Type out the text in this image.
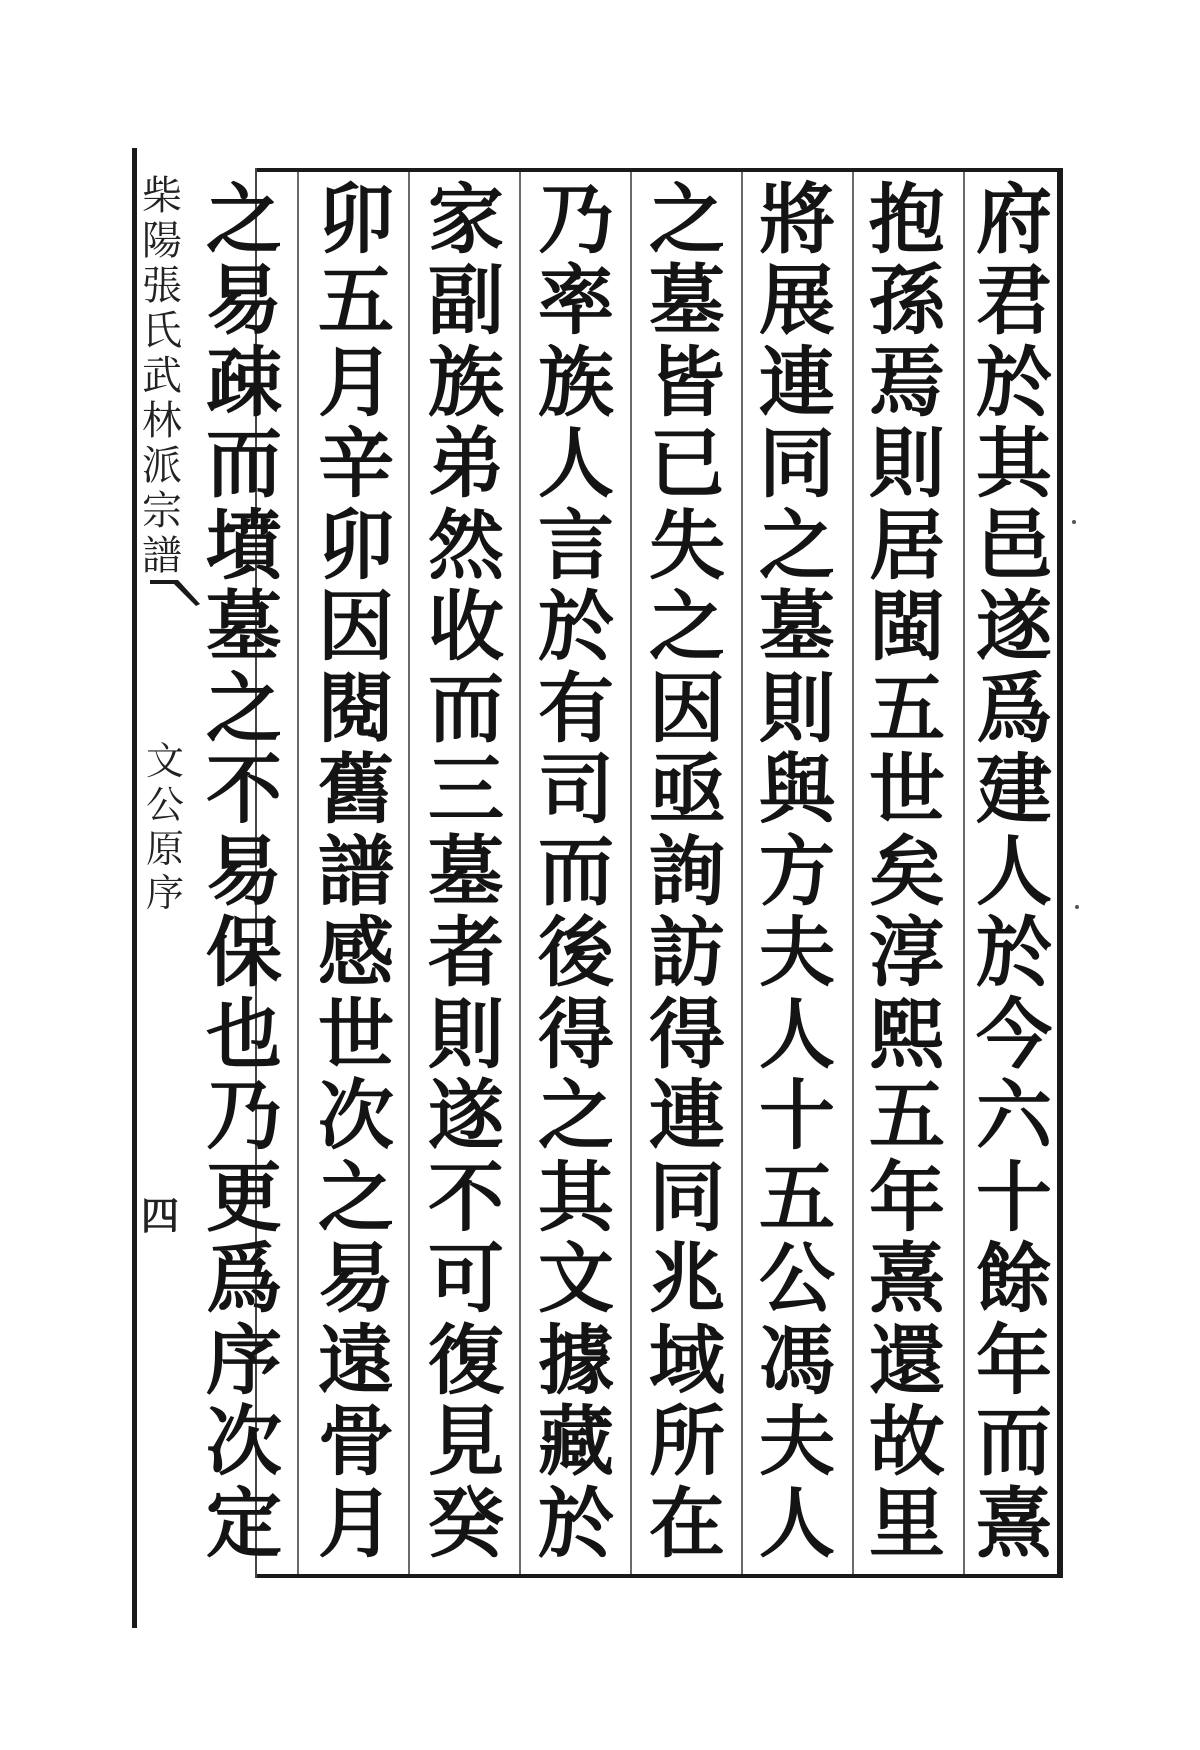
府
君
於
其
邑
遂
爲
建
人
於
今
六
十
餘
年
而
熹
抱
孫
焉
則
居
閩
五
世
矣
淳
熙
五
年
熹
還
故
里
將
展
連
同
之
墓
則
與
方
夫
人
十
五
公
馮
夫
人
之
墓
皆
已
失
之
因
亟
詢
訪
得
連
同
兆
域
所
在
乃
率
族
人
言
於
有
司
而
後
得
之
其
文
據
藏
於
家
副
族
弟
然
收
而
三
墓
者
則
遂
不
可
復
見
癸
卯
五
月
辛
卯
因
閱
舊
譜
感
世
次
之
易
遠
骨
月
之
易
疎
而
墳
墓
之
不
易
保
也
乃
更
爲
序
次
定
柴
陽
張
氏
武
林
派
宗
譜
文
公
原
序
四
